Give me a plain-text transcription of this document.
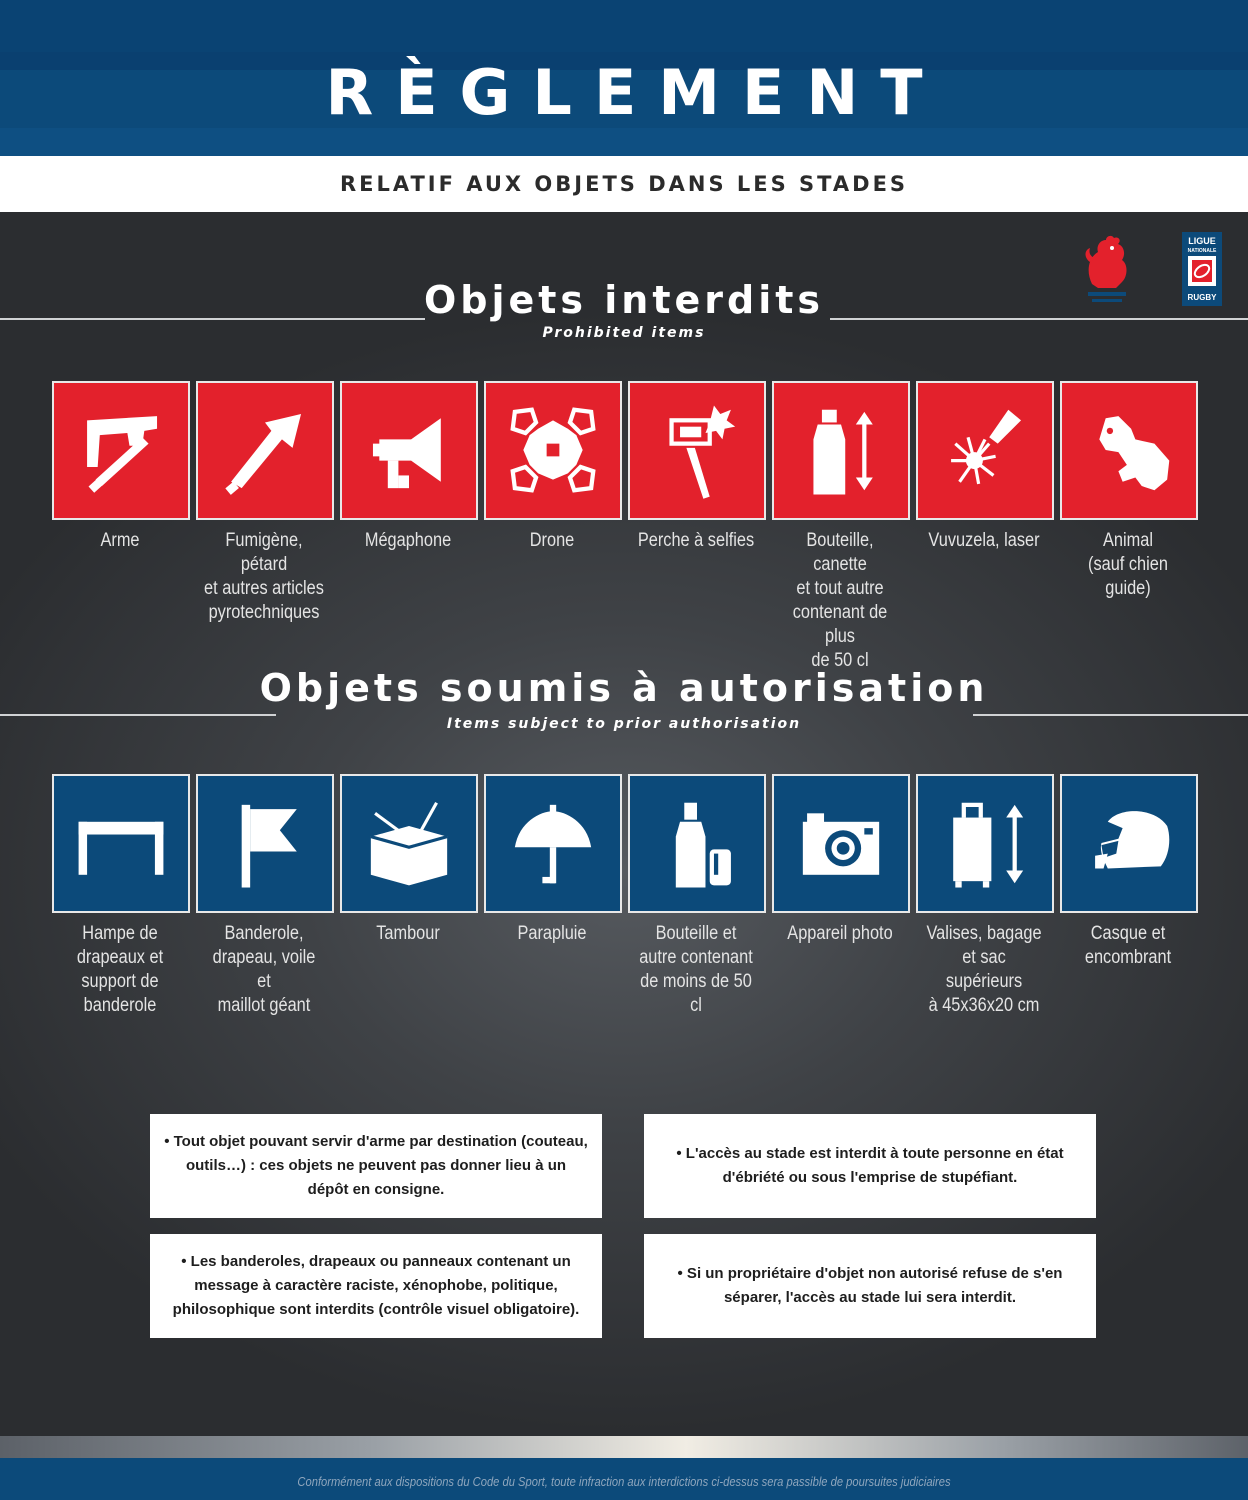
RÈGLEMENT
RELATIF AUX OBJETS DANS LES STADES
LIGUE
NATIONALE
RUGBY
Objets interdits
Prohibited items
Arme	Fumigène, pétard
et autres articles
pyrotechniques
Mégaphone	Drone	Perche à selfies	Bouteille, canette
et tout autre
contenant de plus
de 50 cl
Vuvuzela, laser	Animal
(sauf chien
guide)
Objets soumis à autorisation
Items subject to prior authorisation
Hampe de
drapeaux et
support de
banderole
Banderole,
drapeau, voile et
maillot géant
Tambour	Parapluie	Bouteille et
autre contenant
de moins de 50 cl
Appareil photo	Valises, bagage
et sac supérieurs
à 45x36x20 cm
Casque et
encombrant
• Tout objet pouvant servir d'arme par destination (couteau, outils…) : ces objets ne peuvent pas donner lieu à un dépôt en consigne.
• L'accès au stade est interdit à toute personne en état d'ébriété ou sous l'emprise de stupéfiant.
• Les banderoles, drapeaux ou panneaux contenant un message à caractère raciste, xénophobe, politique, philosophique sont interdits (contrôle visuel obligatoire).
• Si un propriétaire d'objet non autorisé refuse de s'en séparer, l'accès au stade lui sera interdit.
Conformément aux dispositions du Code du Sport, toute infraction aux interdictions ci-dessus sera passible de poursuites judiciaires
